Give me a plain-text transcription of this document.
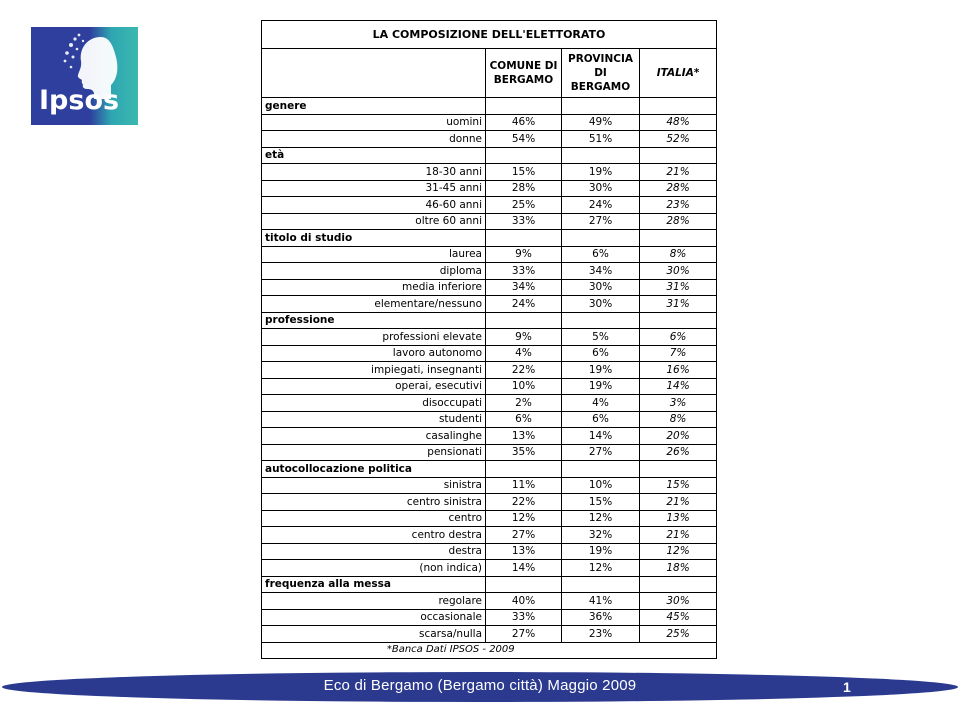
Ipsos
LA COMPOSIZIONE DELL'ELETTORATO			
	COMUNE DI BERGAMO	PROVINCIA DI BERGAMO	ITALIA*
genere			
uomini	46%	49%	48%
donne	54%	51%	52%
età			
18-30 anni	15%	19%	21%
31-45 anni	28%	30%	28%
46-60 anni	25%	24%	23%
oltre 60 anni	33%	27%	28%
titolo di studio			
laurea	9%	6%	8%
diploma	33%	34%	30%
media inferiore	34%	30%	31%
elementare/nessuno	24%	30%	31%
professione			
professioni elevate	9%	5%	6%
lavoro autonomo	4%	6%	7%
impiegati, insegnanti	22%	19%	16%
operai, esecutivi	10%	19%	14%
disoccupati	2%	4%	3%
studenti	6%	6%	8%
casalinghe	13%	14%	20%
pensionati	35%	27%	26%
autocollocazione politica			
sinistra	11%	10%	15%
centro sinistra	22%	15%	21%
centro	12%	12%	13%
centro destra	27%	32%	21%
destra	13%	19%	12%
(non indica)	14%	12%	18%
frequenza alla messa			
regolare	40%	41%	30%
occasionale	33%	36%	45%
scarsa/nulla	27%	23%	25%
*Banca Dati IPSOS - 2009			
Eco di Bergamo (Bergamo città) Maggio 2009	1
